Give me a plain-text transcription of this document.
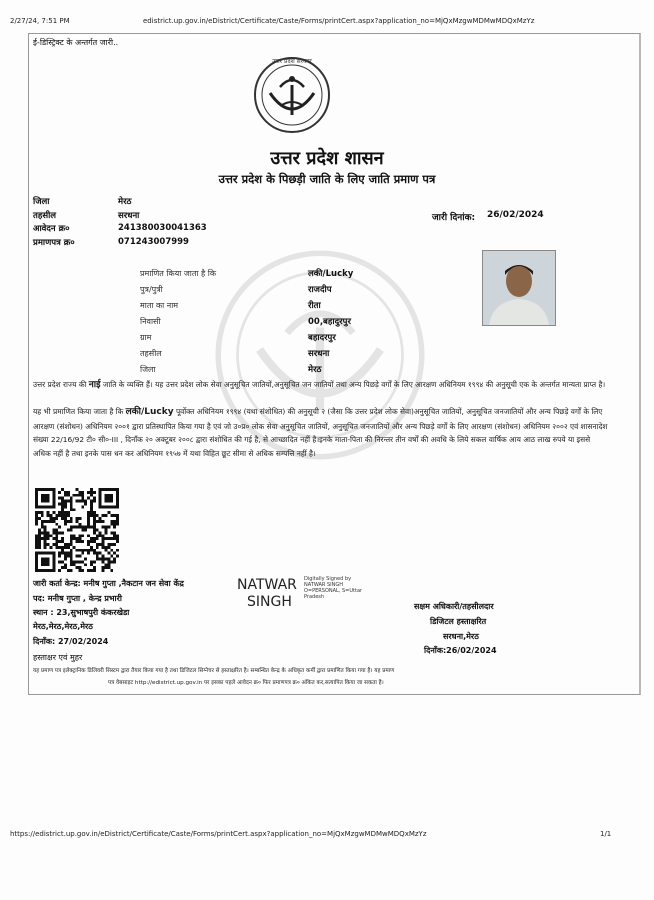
2/27/24, 7:51 PM	edistrict.up.gov.in/eDistrict/Certificate/Caste/Forms/printCert.aspx?application_no=MjQxMzgwMDMwMDQxMzYz
ई-डिस्ट्रिक्ट के अन्तर्गत जारी..
उत्तर प्रदेश सरकार
उत्तर प्रदेश शासन
उत्तर प्रदेश के पिछड़ी जाति के लिए जाति प्रमाण पत्र
जिला	मेरठ
तहसील	सरधना
आवेदन क्र०	241380030041363
प्रमाणपत्र क्र०	071243007999
जारी दिनांक: 26/02/2024
प्रमाणित किया जाता है कि	लकी/Lucky
पुत्र/पुत्री	राजदीप
माता का नाम	रीता
निवासी	00,बहादुरपुर
ग्राम	बहादरपुर
तहसील	सरधना
जिला	मेरठ
उत्तर प्रदेश राज्य की नाई जाति के व्यक्ति हैं। यह उत्तर प्रदेश लोक सेवा अनुसूचित जातियों,अनुसूचित जन जातियों तथा अन्य पिछड़े वर्गों के लिए आरक्षण अधिनियम १९९४ की अनुसूची एक के अन्तर्गत मान्यता प्राप्त है।
यह भी प्रमाणित किया जाता है कि लकी/Lucky पूर्वोक्त अधिनियम १९९४ (यथा संशोधित) की अनुसूची २ (जैसा कि उत्तर प्रदेश लोक सेवा)अनुसूचित जातियों, अनुसूचित जनजातियों और अन्य पिछड़े वर्गों के लिए आरक्षण (संशोधन) अधिनियम २००१ द्वारा प्रतिस्थापित किया गया है एवं जो उ०प्र० लोक सेवा अनुसूचित जातियों, अनुसूचित जनजातियों और अन्य पिछड़े वर्गों के लिए आरक्षण (संशोधन) अधिनियम २००२ एवं शासनादेश संख्या 22/16/92 टी० सी०-III , दिनाँक २० अक्टूबर २००८ द्वारा संशोधित की गई है, से आच्छादित नहीं है।इनके माता-पिता की निरन्तर तीन वर्षों की अवधि के लिये सकल वार्षिक आय आठ लाख रुपये या इससे अधिक नहीं है तथा इनके पास धन कर अधिनियम १९५७ में यथा विहित छूट सीमा से अधिक सम्पत्ति नहीं है।
जारी कर्ता केन्द्र: मनीष गुप्ता ,नैकटान जन सेवा केंद्र
पद: मनीष गुप्ता , केन्द्र प्रभारी
स्थान : 23,सुभाषपुरी कंकरखेडा
मेरठ,मेरठ,मेरठ,मेरठ
दिनाँक: 27/02/2024
हस्ताक्षर एवं मुहर
NATWAR
SINGH
Digitally Signed by
NATWAR SINGH
O=PERSONAL, S=Uttar
Pradesh
सक्षम अधिकारी/तहसीलदार
डिजिटल हस्ताक्षरित
सरधना,मेरठ
दिनाँक:26/02/2024
यह प्रमाण पत्र इलेक्ट्रानिक डिलिवरी सिस्टम द्वारा तैयार किया गया है तथा डिजिटल सिग्नेचर से हस्ताक्षरित है। सम्बन्धित केन्द्र के अधिकृत कर्मी द्वारा प्रमाणित किया गया है। यह प्रमाण
पत्र वेबसाइट http://edistrict.up.gov.in पर इसका पहले आवेदन क्र० फिर प्रमाणपत्र क्र० अंकित कर,सत्यापित किया जा सकता है।
https://edistrict.up.gov.in/eDistrict/Certificate/Caste/Forms/printCert.aspx?application_no=MjQxMzgwMDMwMDQxMzYz	1/1
